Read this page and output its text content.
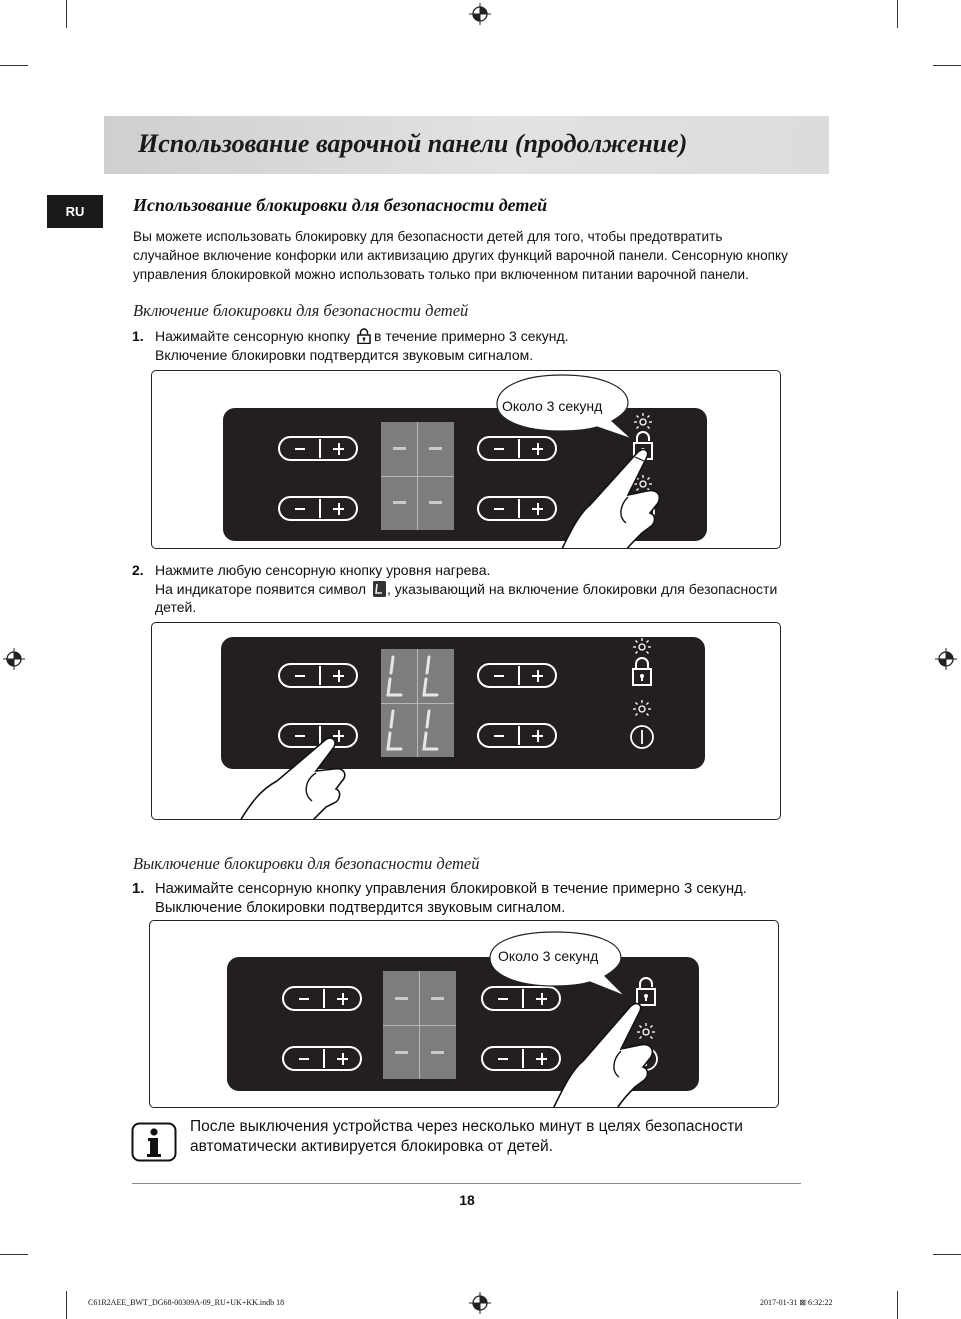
Использование варочной панели (продолжение)
RU	Использование блокировки для безопасности детей
Вы можете использовать блокировку для безопасности детей для того, чтобы предотвратить
случайное включение конфорки или активизацию других функций варочной панели. Сенсорную кнопку
управления блокировкой можно использовать только при включенном питании варочной панели.
Включение блокировки для безопасности детей
1. Нажимайте сенсорную кнопку в течение примерно 3 секунд.
Включение блокировки подтвердится звуковым сигналом.
Около 3 секунд
2. Нажмите любую сенсорную кнопку уровня нагрева.
На индикаторе появится символ , указывающий на включение блокировки для безопасности
детей.
Выключение блокировки для безопасности детей
1. Нажимайте сенсорную кнопку управления блокировкой в течение примерно 3 секунд.
Выключение блокировки подтвердится звуковым сигналом.
Около 3 секунд
После выключения устройства через несколько минут в целях безопасности
автоматически активируется блокировка от детей.
18
C61R2AEE_BWT_DG68-00309A-09_RU+UK+KK.indb 18	2017-01-31 ⊠ 6:32:22
